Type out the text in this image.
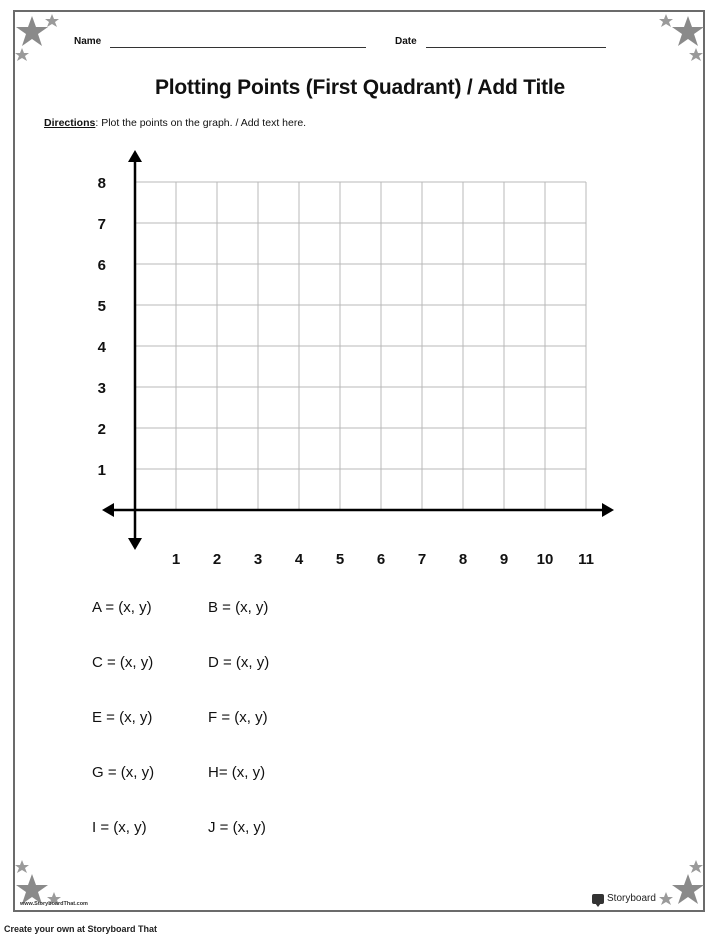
Name	Date
Plotting Points (First Quadrant) / Add Title
Directions: Plot the points on the graph. / Add text here.
1 2 3 4 5 6 7 8 9 10 11
1
2
3
4
5
6
7
8
A = (x, y)	B = (x, y)
C = (x, y)	D = (x, y)
E = (x, y)	F = (x, y)
G = (x, y)	H= (x, y)
I = (x, y)	J = (x, y)
www.StoryboardThat.com	Storyboard
Create your own at Storyboard That
